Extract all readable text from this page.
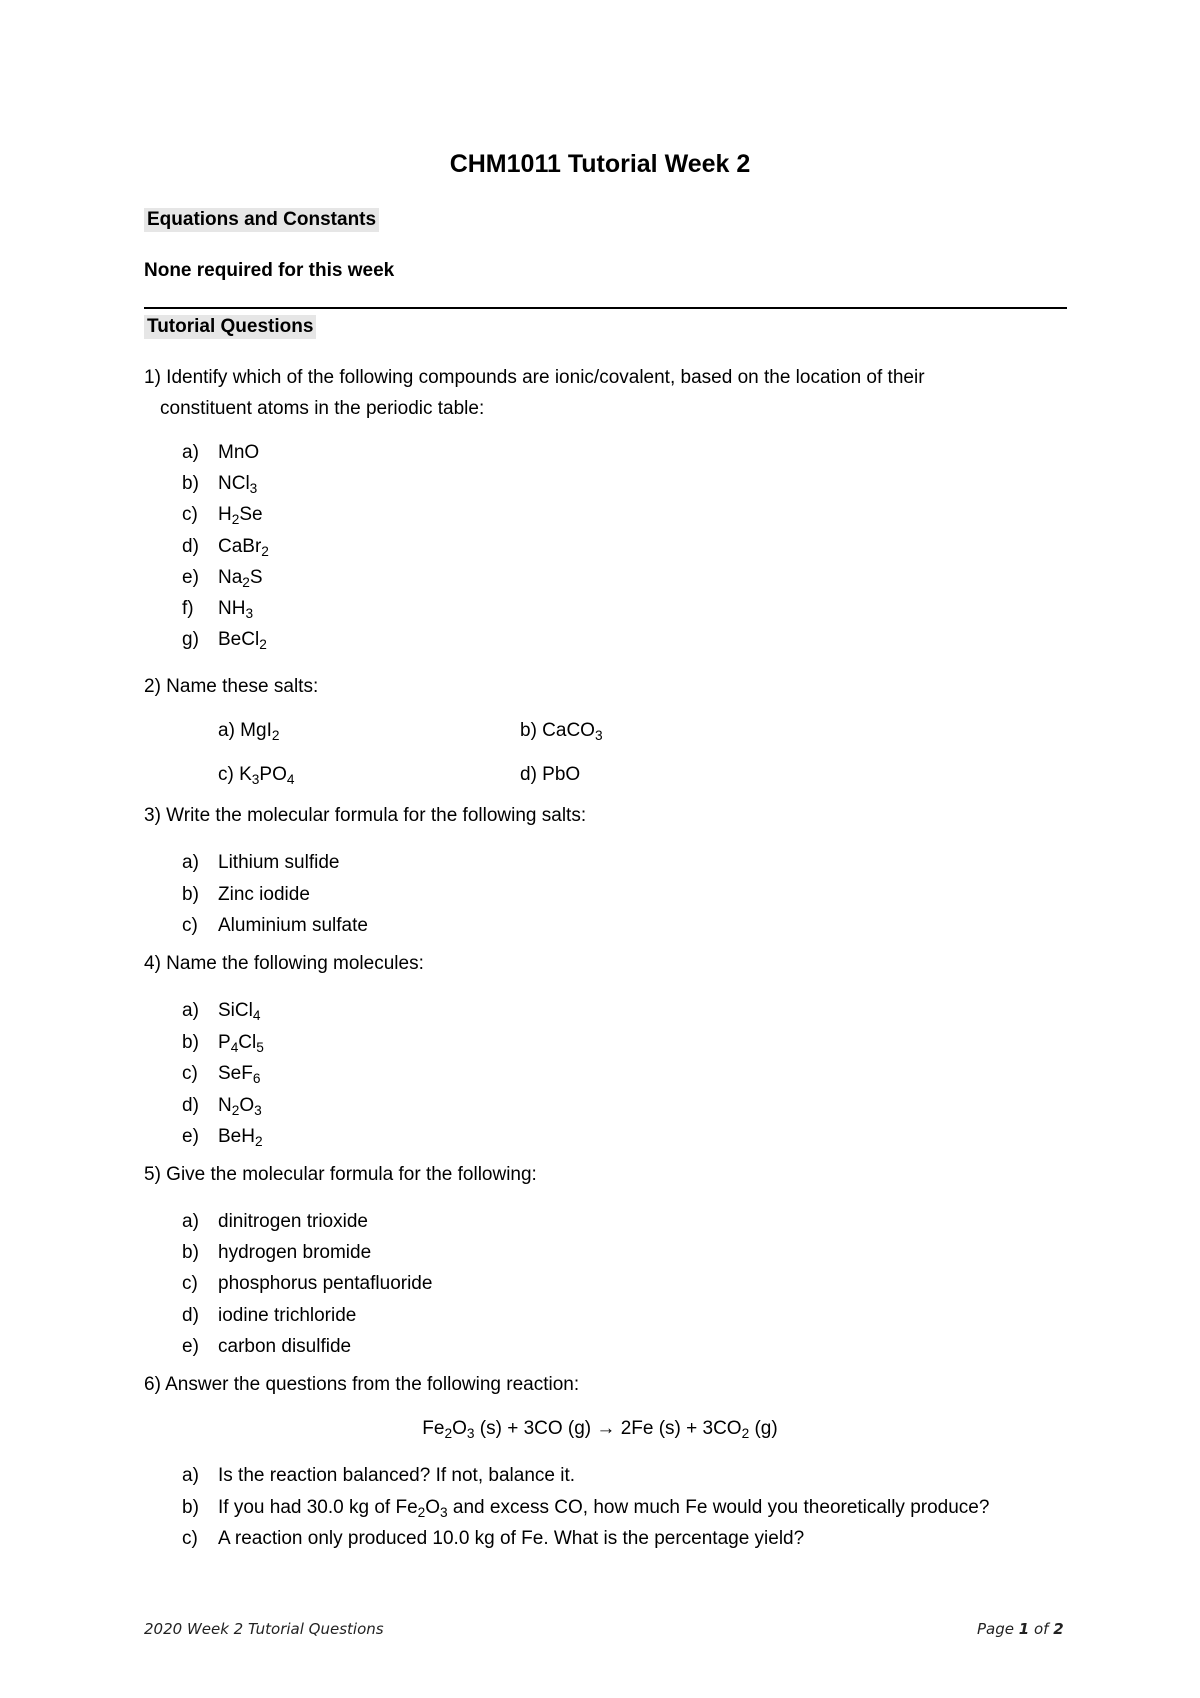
CHM1011 Tutorial Week 2
Equations and Constants
None required for this week
Tutorial Questions
1) Identify which of the following compounds are ionic/covalent, based on the location of their
constituent atoms in the periodic table:
a) MnO
b) NCl$_3$
c) $H_2Se$
d) CaBr$_2$
e) $Na_2S$
f) $NH_3$
g) BeCl$_2$
2) Name these salts:
a) MgI$_2$	b) CaCO$_3$
c) $K_3PO_4$	d) PbO
3) Write the molecular formula for the following salts:
a) Lithium sulfide
b) Zinc iodide
c) Aluminium sulfate
4) Name the following molecules:
a) SiCl$_4$
b) $P_4Cl_5$
c) SeF$_6$
d) $N_2O_3$
e) BeH$_2$
5) Give the molecular formula for the following:
a) dinitrogen trioxide
b) hydrogen bromide
c) phosphorus pentafluoride
d) iodine trichloride
e) carbon disulfide
6) Answer the questions from the following reaction:
$Fe_2O_3$ (s) + 3CO (g) → 2Fe $(s) + 3CO_2$ (g)
a) Is the reaction balanced? If not, balance it.
b) If you had 30.0 kg of $Fe_2O_3$ and excess CO, how much Fe would you theoretically produce?
c) A reaction only produced 10.0 kg of Fe. What is the percentage yield?
2020 Week 2 Tutorial Questions	Page 1 of 2
